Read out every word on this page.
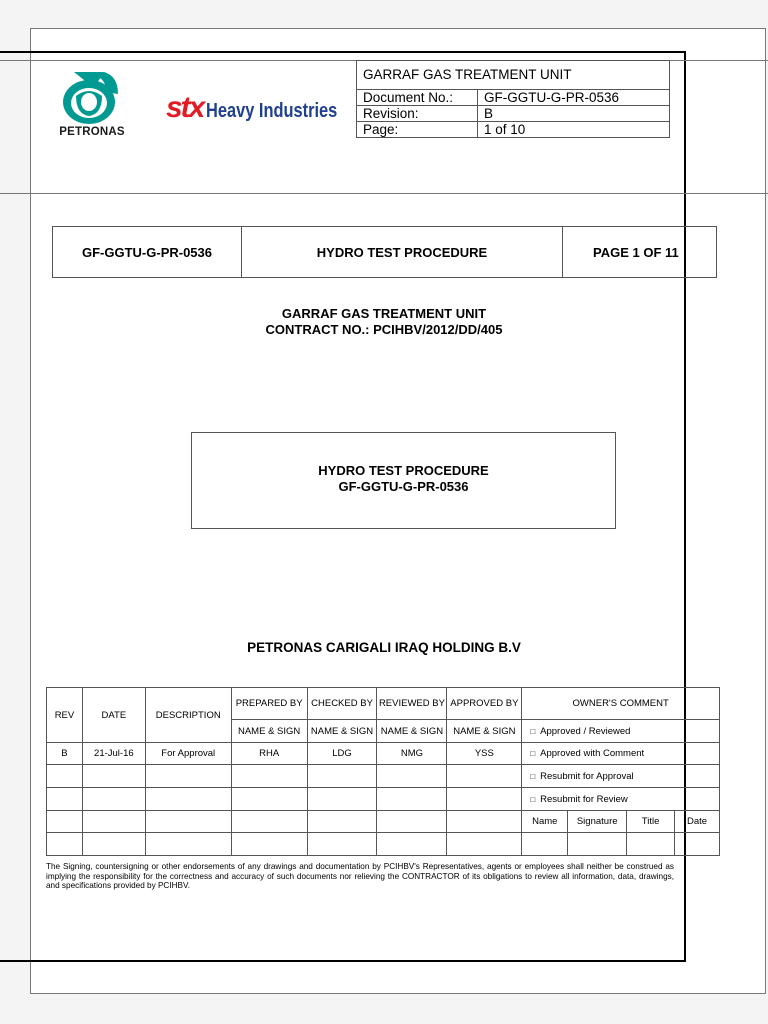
PETRONAS
stx Heavy Industries
GARRAF GAS TREATMENT UNIT	
Document No.:	GF-GGTU-G-PR-0536
Revision:	B
Page:	1 of 10
GF-GGTU-G-PR-0536	HYDRO TEST PROCEDURE	PAGE 1 OF 11
GARRAF GAS TREATMENT UNIT
CONTRACT NO.: PCIHBV/2012/DD/405
HYDRO TEST PROCEDURE
GF-GGTU-G-PR-0536
PETRONAS CARIGALI IRAQ HOLDING B.V
REV	DATE	DESCRIPTION	PREPARED BY	CHECKED BY	REVIEWED BY	APPROVED BY	OWNER'S COMMENT			
			NAME & SIGN	NAME & SIGN	NAME & SIGN	NAME & SIGN	□ Approved / Reviewed			
B	21-Jul-16	For Approval	RHA	LDG	NMG	YSS	□ Approved with Comment			
							□ Resubmit for Approval			
							□ Resubmit for Review			
							Name	Signature	Title	Date

The Signing, countersigning or other endorsements of any drawings and documentation by PCIHBV's Representatives, agents or employees shall neither be construed as implying the responsibility for the correctness and accuracy of such documents nor relieving the CONTRACTOR of its obligations to review all information, data, drawings, and specifications provided by PCIHBV.
